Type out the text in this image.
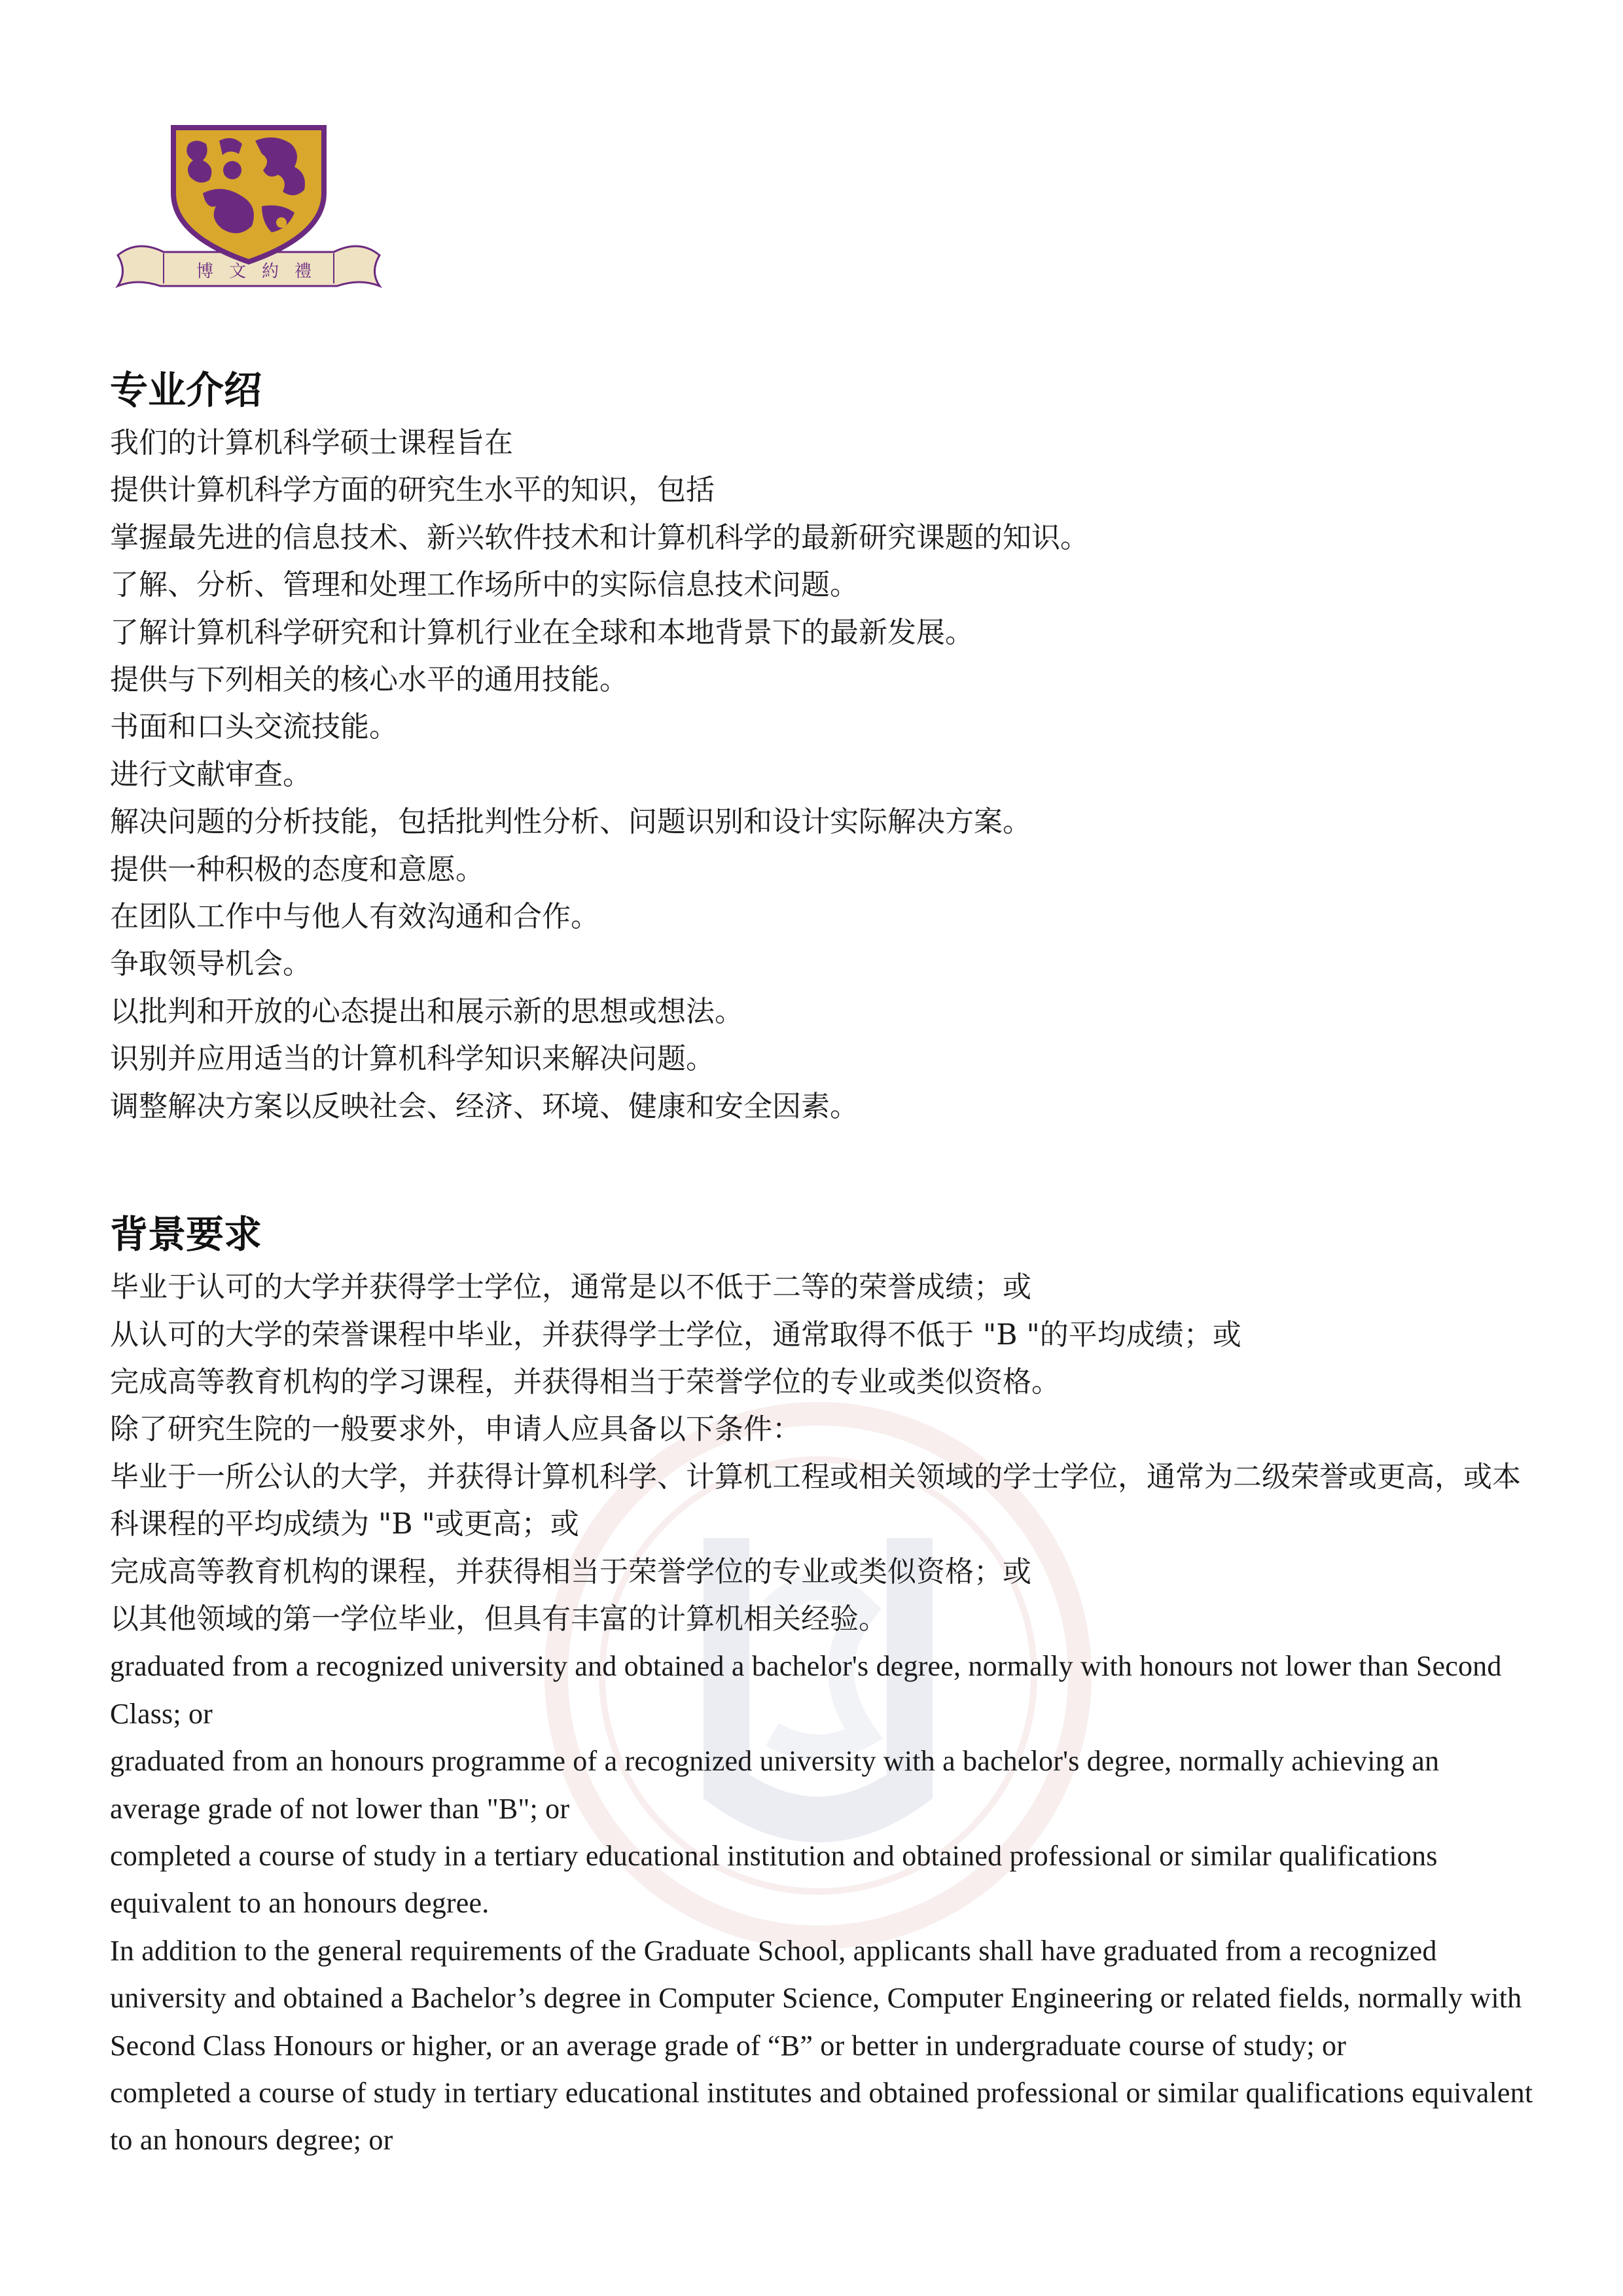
博 文 約 禮
专业介绍
我们的计算机科学硕士课程旨在
提供计算机科学方面的研究生水平的知识，包括
掌握最先进的信息技术、新兴软件技术和计算机科学的最新研究课题的知识。
了解、分析、管理和处理工作场所中的实际信息技术问题。
了解计算机科学研究和计算机行业在全球和本地背景下的最新发展。
提供与下列相关的核心水平的通用技能。
书面和口头交流技能。
进行文献审查。
解决问题的分析技能，包括批判性分析、问题识别和设计实际解决方案。
提供一种积极的态度和意愿。
在团队工作中与他人有效沟通和合作。
争取领导机会。
以批判和开放的心态提出和展示新的思想或想法。
识别并应用适当的计算机科学知识来解决问题。
调整解决方案以反映社会、经济、环境、健康和安全因素。
背景要求
毕业于认可的大学并获得学士学位，通常是以不低于二等的荣誉成绩；或
从认可的大学的荣誉课程中毕业，并获得学士学位，通常取得不低于 "B "的平均成绩；或
完成高等教育机构的学习课程，并获得相当于荣誉学位的专业或类似资格。
除了研究生院的一般要求外，申请人应具备以下条件：
毕业于一所公认的大学，并获得计算机科学、计算机工程或相关领域的学士学位，通常为二级荣誉或更高，或本科课程的平均成绩为 "B "或更高；或
完成高等教育机构的课程，并获得相当于荣誉学位的专业或类似资格；或
以其他领域的第一学位毕业，但具有丰富的计算机相关经验。
graduated from a recognized university and obtained a bachelor's degree, normally with honours not lower than Second Class; or
graduated from an honours programme of a recognized university with a bachelor's degree, normally achieving an average grade of not lower than "B"; or
completed a course of study in a tertiary educational institution and obtained professional or similar qualifications equivalent to an honours degree.
In addition to the general requirements of the Graduate School, applicants shall have graduated from a recognized university and obtained a Bachelor’s degree in Computer Science, Computer Engineering or related fields, normally with Second Class Honours or higher, or an average grade of “B” or better in undergraduate course of study; or
completed a course of study in tertiary educational institutes and obtained professional or similar qualifications equivalent to an honours degree; or
